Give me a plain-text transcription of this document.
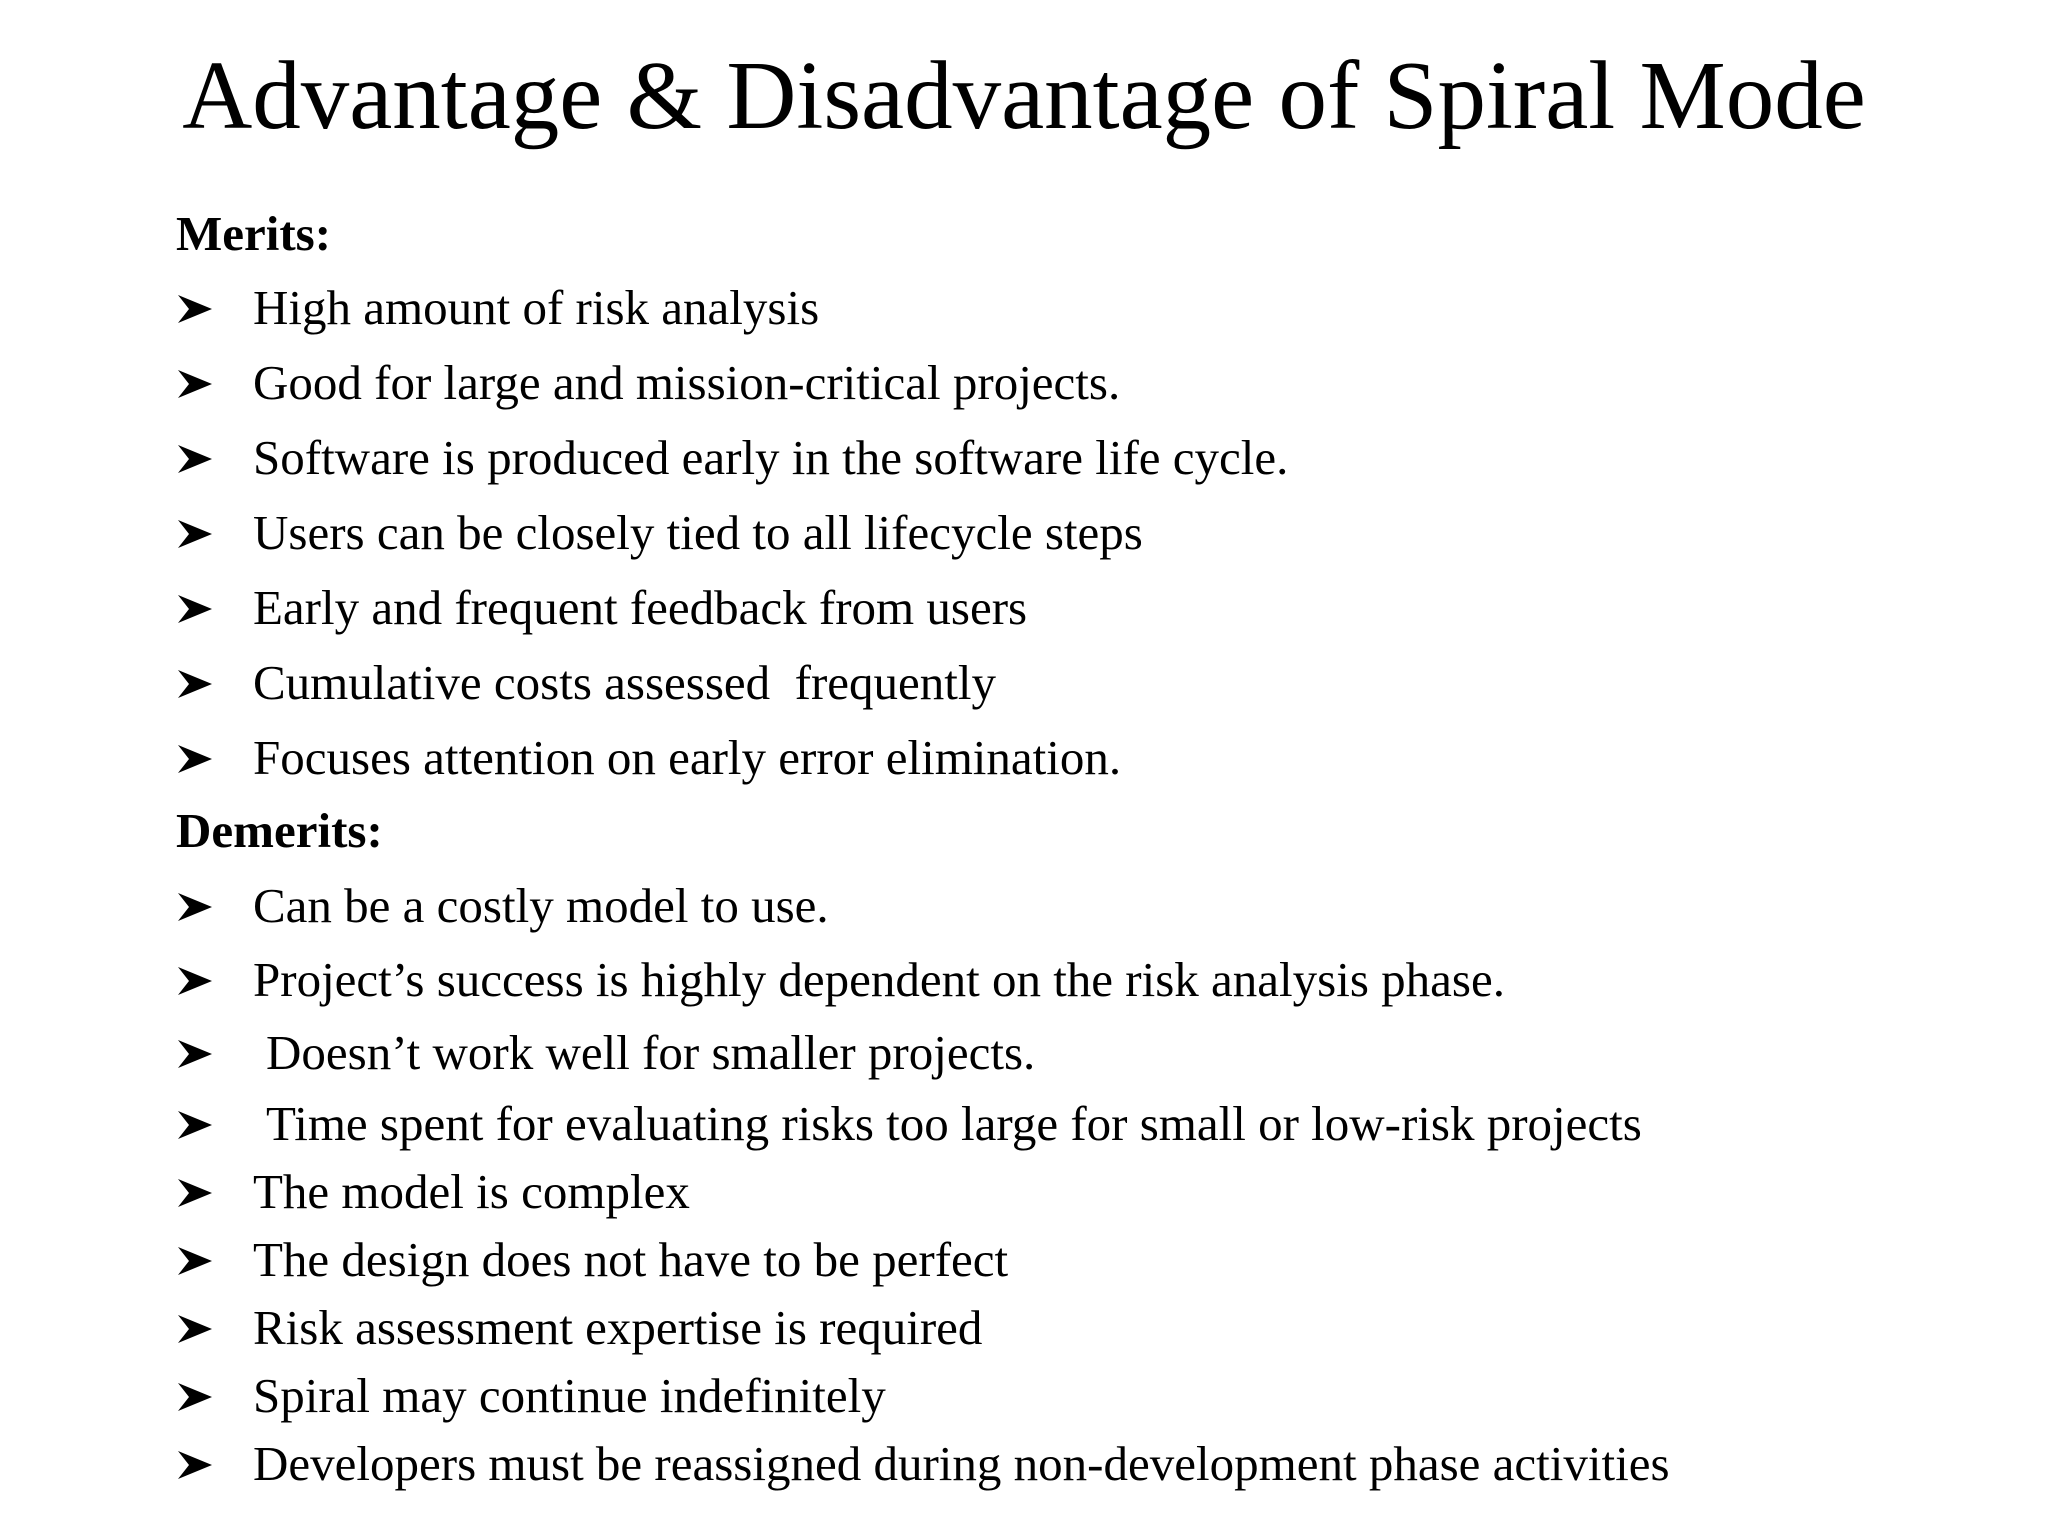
Advantage & Disadvantage of Spiral Mode
Merits:
High amount of risk analysis
Good for large and mission-critical projects.
Software is produced early in the software life cycle.
Users can be closely tied to all lifecycle steps
Early and frequent feedback from users
Cumulative costs assessed  frequently
Focuses attention on early error elimination.
Demerits:
Can be a costly model to use.
Project’s success is highly dependent on the risk analysis phase.
Doesn’t work well for smaller projects.
Time spent for evaluating risks too large for small or low-risk projects
The model is complex
The design does not have to be perfect
Risk assessment expertise is required
Spiral may continue indefinitely
Developers must be reassigned during non-development phase activities
